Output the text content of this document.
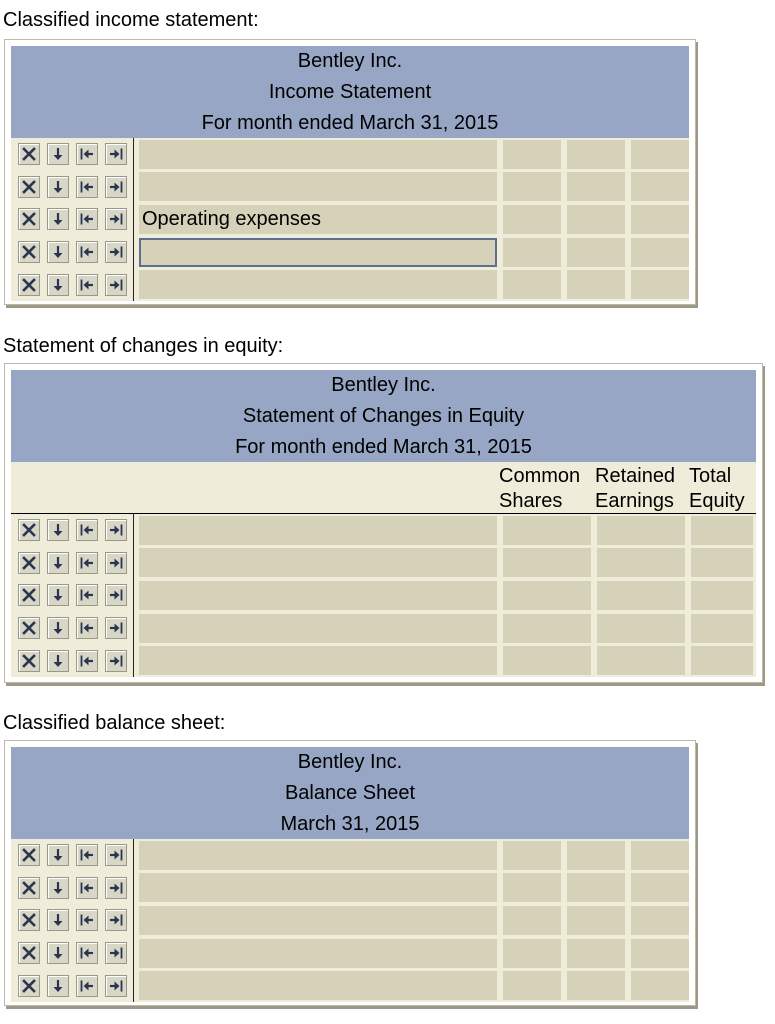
Classified income statement:
Bentley Inc.
Income Statement
For month ended March 31, 2015
Operating expenses
Statement of changes in equity:
Bentley Inc.
Statement of Changes in Equity
For month ended March 31, 2015
Common
Shares
Retained
Earnings
Total
Equity
Classified balance sheet:
Bentley Inc.
Balance Sheet
March 31, 2015
